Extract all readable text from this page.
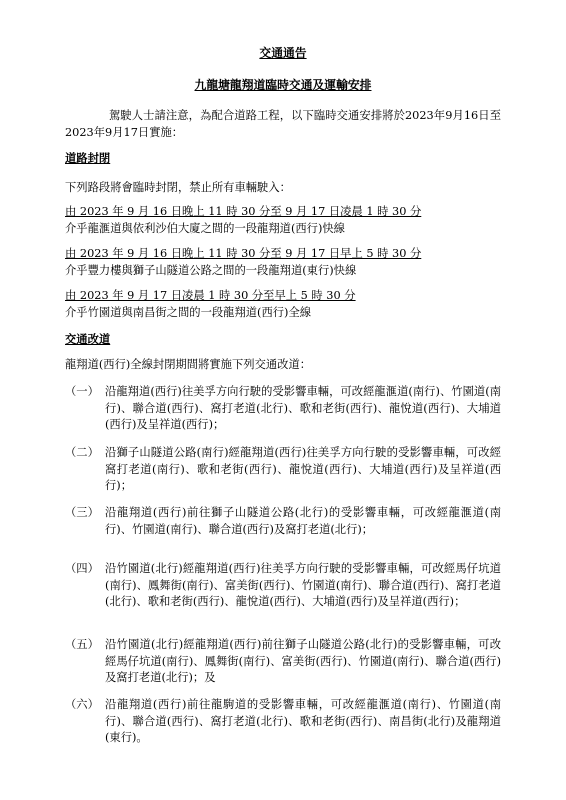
交通通告
九龍塘龍翔道臨時交通及運輸安排
駕駛人士請注意，為配合道路工程，以下臨時交通安排將於2023年9月16日至2023年9月17日實施：
道路封閉
下列路段將會臨時封閉，禁止所有車輛駛入：
由 2023 年 9 月 16 日晚上 11 時 30 分至 9 月 17 日凌晨 1 時 30 分
介乎龍滙道與依利沙伯大廈之間的一段龍翔道(西行)快線
由 2023 年 9 月 16 日晚上 11 時 30 分至 9 月 17 日早上 5 時 30 分
介乎豐力樓與獅子山隧道公路之間的一段龍翔道(東行)快線
由 2023 年 9 月 17 日凌晨 1 時 30 分至早上 5 時 30 分
介乎竹園道與南昌街之間的一段龍翔道(西行)全線
交通改道
龍翔道(西行)全線封閉期間將實施下列交通改道：
（一） 沿龍翔道(西行)往美孚方向行駛的受影響車輛，可改經龍滙道(南行)、竹園道(南行)、聯合道(西行)、窩打老道(北行)、歌和老街(西行)、龍悅道(西行)、大埔道(西行)及呈祥道(西行)；
（二） 沿獅子山隧道公路(南行)經龍翔道(西行)往美孚方向行駛的受影響車輛，可改經窩打老道(南行)、歌和老街(西行)、龍悅道(西行)、大埔道(西行)及呈祥道(西行)；
（三） 沿龍翔道(西行)前往獅子山隧道公路(北行)的受影響車輛，可改經龍滙道(南行)、竹園道(南行)、聯合道(西行)及窩打老道(北行)；
（四） 沿竹園道(北行)經龍翔道(西行)往美孚方向行駛的受影響車輛，可改經馬仔坑道(南行)、鳳舞街(南行)、富美街(西行)、竹園道(南行)、聯合道(西行)、窩打老道(北行)、歌和老街(西行)、龍悅道(西行)、大埔道(西行)及呈祥道(西行)；
（五） 沿竹園道(北行)經龍翔道(西行)前往獅子山隧道公路(北行)的受影響車輛，可改經馬仔坑道(南行)、鳳舞街(南行)、富美街(西行)、竹園道(南行)、聯合道(西行)及窩打老道(北行)；及
（六） 沿龍翔道(西行)前往龍駒道的受影響車輛，可改經龍滙道(南行)、竹園道(南行)、聯合道(西行)、窩打老道(北行)、歌和老街(西行)、南昌街(北行)及龍翔道(東行)。
